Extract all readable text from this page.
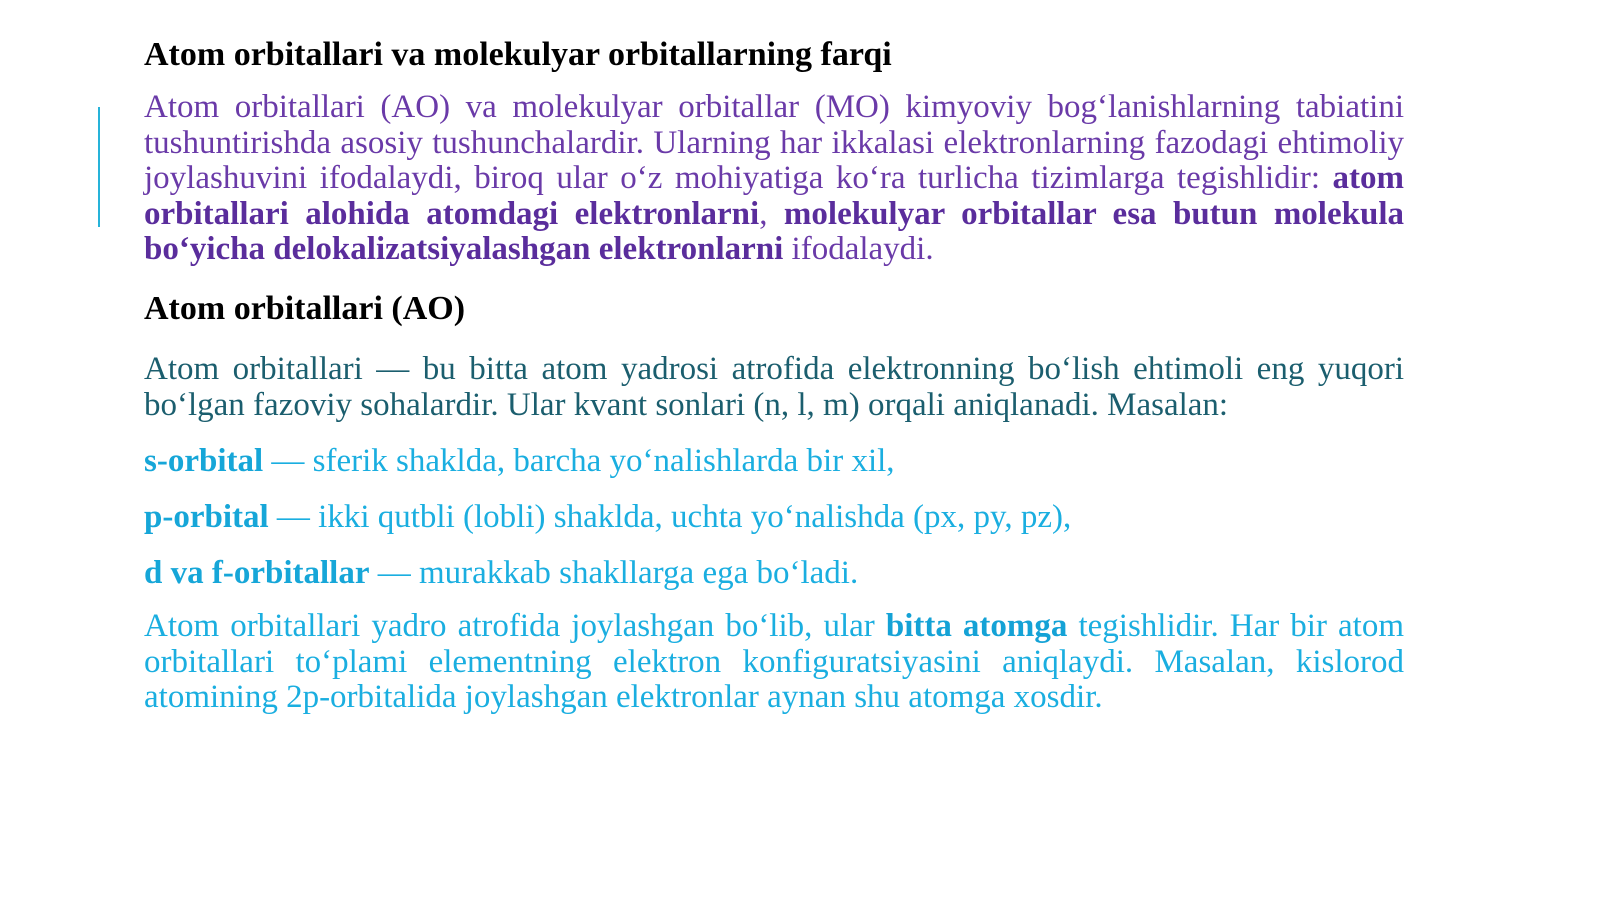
Atom orbitallari va molekulyar orbitallarning farqi

Atom orbitallari (AO) va molekulyar orbitallar (MO) kimyoviy bog‘lanishlarning tabiatini tushuntirishda asosiy tushunchalardir. Ularning har ikkalasi elektronlarning fazodagi ehtimoliy joylashuvini ifodalaydi, biroq ular o‘z mohiyatiga ko‘ra turlicha tizimlarga tegishlidir: atom orbitallari alohida atomdagi elektronlarni, molekulyar orbitallar esa butun molekula bo‘yicha delokalizatsiyalashgan elektronlarni ifodalaydi.

Atom orbitallari (AO)

Atom orbitallari — bu bitta atom yadrosi atrofida elektronning bo‘lish ehtimoli eng yuqori bo‘lgan fazoviy sohalardir. Ular kvant sonlari (n, l, m) orqali aniqlanadi. Masalan:

s-orbital — sferik shaklda, barcha yo‘nalishlarda bir xil,

p-orbital — ikki qutbli (lobli) shaklda, uchta yo‘nalishda (px, py, pz),

d va f-orbitallar — murakkab shakllarga ega bo‘ladi.

Atom orbitallari yadro atrofida joylashgan bo‘lib, ular bitta atomga tegishlidir. Har bir atom orbitallari to‘plami elementning elektron konfiguratsiyasini aniqlaydi. Masalan, kislorod atomining 2p-orbitalida joylashgan elektronlar aynan shu atomga xosdir.
